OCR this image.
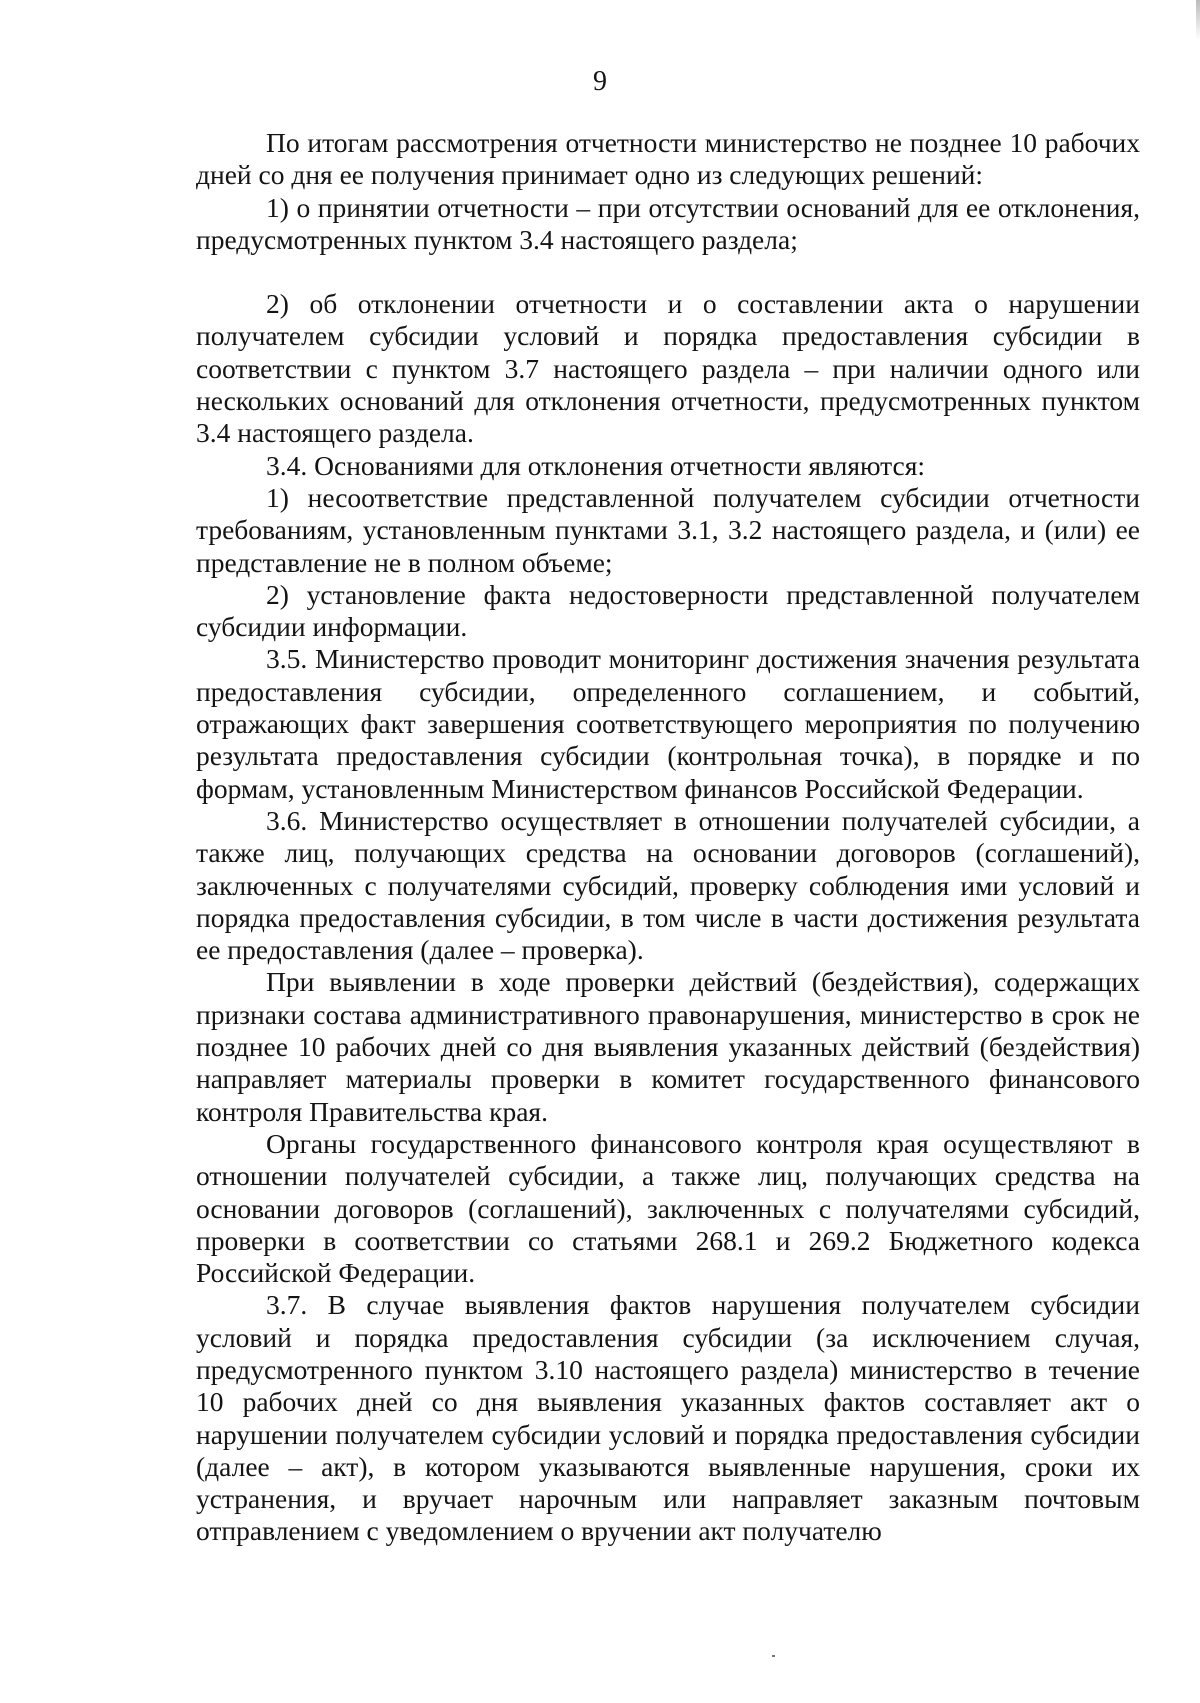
9

По итогам рассмотрения отчетности министерство не позднее 10 рабочих дней со дня ее получения принимает одно из следующих решений:

1) о принятии отчетности – при отсутствии оснований для ее отклонения, предусмотренных пунктом 3.4 настоящего раздела;

2) об отклонении отчетности и о составлении акта о нарушении получателем субсидии условий и порядка предоставления субсидии в соответствии с пунктом 3.7 настоящего раздела – при наличии одного или нескольких оснований для отклонения отчетности, предусмотренных пунктом 3.4 настоящего раздела.

3.4. Основаниями для отклонения отчетности являются:

1) несоответствие представленной получателем субсидии отчетности требованиям, установленным пунктами 3.1, 3.2 настоящего раздела, и (или) ее представление не в полном объеме;

2) установление факта недостоверности представленной получателем субсидии информации.

3.5. Министерство проводит мониторинг достижения значения результата предоставления субсидии, определенного соглашением, и событий, отражающих факт завершения соответствующего мероприятия по получению результата предоставления субсидии (контрольная точка), в порядке и по формам, установленным Министерством финансов Российской Федерации.

3.6. Министерство осуществляет в отношении получателей субсидии, а также лиц, получающих средства на основании договоров (соглашений), заключенных с получателями субсидий, проверку соблюдения ими условий и порядка предоставления субсидии, в том числе в части достижения результата ее предоставления (далее – проверка).

При выявлении в ходе проверки действий (бездействия), содержащих признаки состава административного правонарушения, министерство в срок не позднее 10 рабочих дней со дня выявления указанных действий (бездействия) направляет материалы проверки в комитет государственного финансового контроля Правительства края.

Органы государственного финансового контроля края осуществляют в отношении получателей субсидии, а также лиц, получающих средства на основании договоров (соглашений), заключенных с получателями субсидий, проверки в соответствии со статьями 268.1 и 269.2 Бюджетного кодекса Российской Федерации.

3.7. В случае выявления фактов нарушения получателем субсидии условий и порядка предоставления субсидии (за исключением случая, предусмотренного пунктом 3.10 настоящего раздела) министерство в течение 10 рабочих дней со дня выявления указанных фактов составляет акт о нарушении получателем субсидии условий и порядка предоставления субсидии (далее – акт), в котором указываются выявленные нарушения, сроки их устранения, и вручает нарочным или направляет заказным почтовым отправлением с уведомлением о вручении акт получателю
